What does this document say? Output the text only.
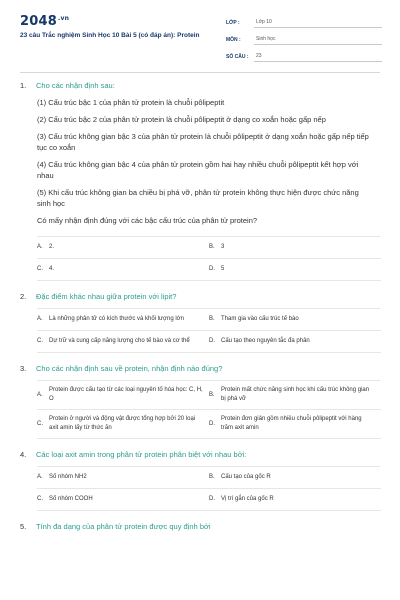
$2048^{.vn}$
23 câu Trắc nghiệm Sinh Học 10 Bài 5 (có đáp án): Protein
LỚP :	Lớp 10
MÔN :	Sinh học
SỐ CÂU :	23
1.	Cho các nhận định sau:
(1) Cấu trúc bậc 1 của phân tử protein là chuỗi pôlipeptit
(2) Cấu trúc bậc 2 của phân tử protein là chuỗi pôlipeptit ở dạng co xoắn hoặc gấp nếp
(3) Cấu trúc không gian bậc 3 của phân tử protein là chuỗi pôlipeptit ở dạng xoắn hoặc gấp nếp tiếp tục co xoắn
(4) Cấu trúc không gian bậc 4 của phân tử protein gồm hai hay nhiều chuỗi pôlipeptit kết hợp với nhau
(5) Khi cấu trúc không gian ba chiều bị phá vỡ, phân tử protein không thực hiện được chức năng sinh học
Có mấy nhận định đúng với các bậc cấu trúc của phân tử protein?
A.	2.	B.	3
C.	4.	D.	5
2.	Đặc điểm khác nhau giữa protein với lipit?
A.	Là những phân tử có kích thước và khối lượng lớn	B.	Tham gia vào cấu trúc tế bào
C.	Dự trữ và cung cấp năng lượng cho tế bào và cơ thể	D.	Cấu tạo theo nguyên tắc đa phân
3.	Cho các nhận định sau về protein, nhận định nào đúng?
A.
Protein được cấu tạo từ các loại nguyên tố hóa học: C, H, O
B.
Protein mất chức năng sinh học khi cấu trúc không gian bị phá vỡ
C.
Protein ở người và động vật được tổng hợp bởi 20 loại axit amin lấy từ thức ăn
D.
Protein đơn giản gồm nhiều chuỗi pôlipeptit với hàng trăm axit amin
4.	Các loại axit amin trong phân tử protein phân biệt với nhau bởi:
A.	Số nhóm NH2	B.	Cấu tạo của gốc R
C.	Số nhóm COOH	D.	Vị trí gắn của gốc R
5.	Tính đa dạng của phân tử protein được quy định bởi
